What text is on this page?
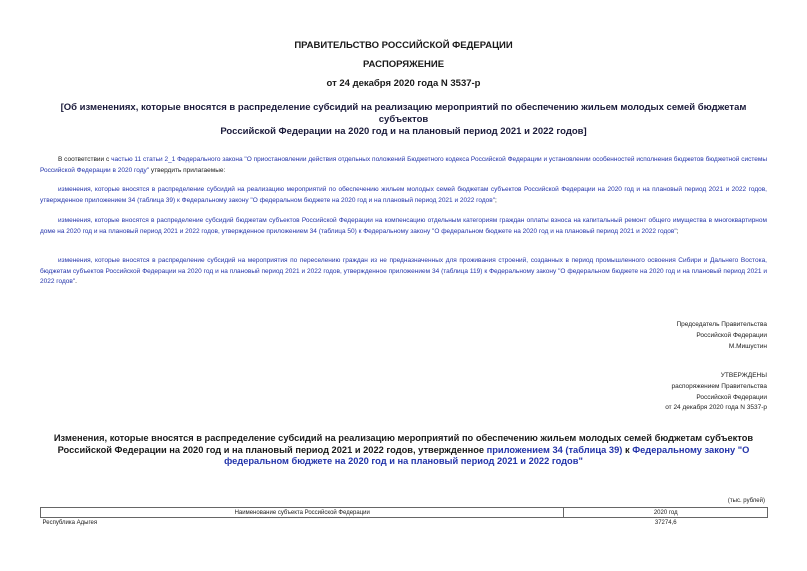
ПРАВИТЕЛЬСТВО РОССИЙСКОЙ ФЕДЕРАЦИИ
РАСПОРЯЖЕНИЕ
от 24 декабря 2020 года N 3537-р
[Об изменениях, которые вносятся в распределение субсидий на реализацию мероприятий по обеспечению жильем молодых семей бюджетам субъектов
Российской Федерации на 2020 год и на плановый период 2021 и 2022 годов]
В соответствии с частью 11 статьи 2_1 Федерального закона "О приостановлении действия отдельных положений Бюджетного кодекса Российской Федерации и установлении особенностей исполнения бюджетов бюджетной системы Российской Федерации в 2020 году" утвердить прилагаемые:
изменения, которые вносятся в распределение субсидий на реализацию мероприятий по обеспечению жильем молодых семей бюджетам субъектов Российской Федерации на 2020 год и на плановый период 2021 и 2022 годов, утвержденное приложением 34 (таблица 39) к Федеральному закону "О федеральном бюджете на 2020 год и на плановый период 2021 и 2022 годов";
изменения, которые вносятся в распределение субсидий бюджетам субъектов Российской Федерации на компенсацию отдельным категориям граждан оплаты взноса на капитальный ремонт общего имущества в многоквартирном доме на 2020 год и на плановый период 2021 и 2022 годов, утвержденное приложением 34 (таблица 50) к Федеральному закону "О федеральном бюджете на 2020 год и на плановый период 2021 и 2022 годов";
изменения, которые вносятся в распределение субсидий на мероприятия по переселению граждан из не предназначенных для проживания строений, созданных в период промышленного освоения Сибири и Дальнего Востока, бюджетам субъектов Российской Федерации на 2020 год и на плановый период 2021 и 2022 годов, утвержденное приложением 34 (таблица 119) к Федеральному закону "О федеральном бюджете на 2020 год и на плановый период 2021 и 2022 годов".
Председатель Правительства
Российской Федерации
М.Мишустин
УТВЕРЖДЕНЫ
распоряжением Правительства
Российской Федерации
от 24 декабря 2020 года N 3537-р
Изменения, которые вносятся в распределение субсидий на реализацию мероприятий по обеспечению жильем молодых семей бюджетам субъектов Российской Федерации на 2020 год и на плановый период 2021 и 2022 годов, утвержденное приложением 34 (таблица 39) к Федеральному закону "О федеральном бюджете на 2020 год и на плановый период 2021 и 2022 годов"
(тыс. рублей)
Наименование субъекта Российской Федерации	2020 год
Республика Адыгея	37274,6
